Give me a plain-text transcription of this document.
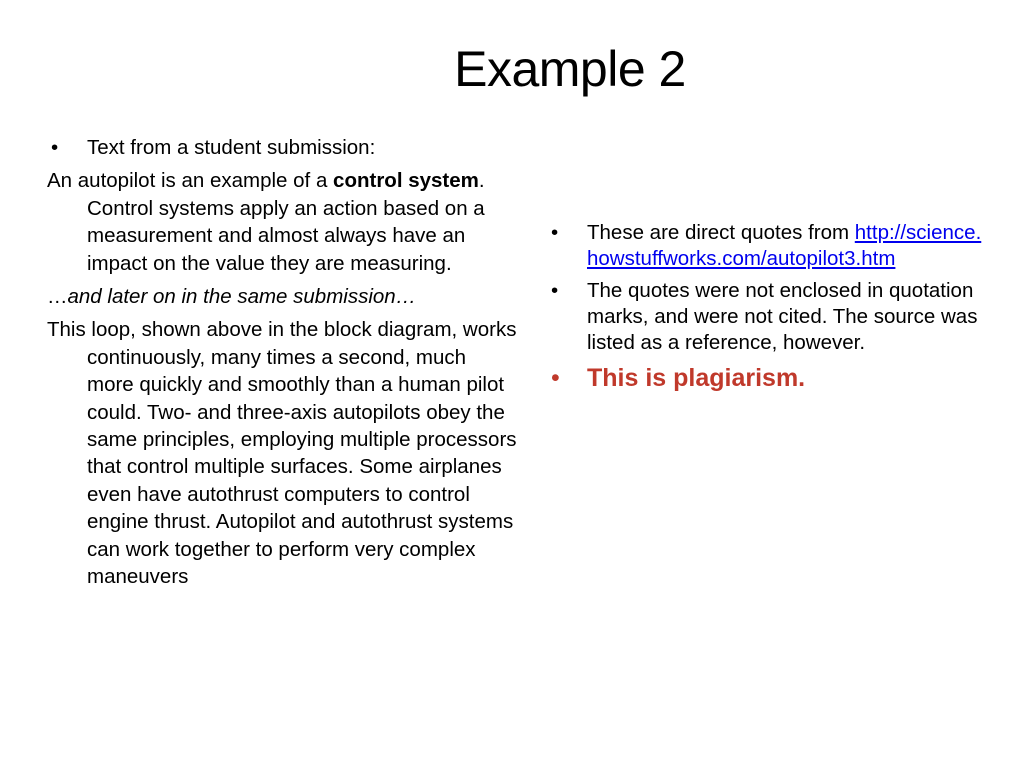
Example 2
•	Text from a student submission:

An autopilot is an example of a control system. Control systems apply an action based on a measurement and almost always have an impact on the value they are measuring.

…and later on in the same submission…

This loop, shown above in the block diagram, works continuously, many times a second, much more quickly and smoothly than a human pilot could. Two- and three-axis autopilots obey the same principles, employing multiple processors that control multiple surfaces. Some airplanes even have autothrust computers to control engine thrust. Autopilot and autothrust systems can work together to perform very complex maneuvers

•	These are direct quotes from http://science.howstuffworks.com/autopilot3.htm
•	The quotes were not enclosed in quotation marks, and were not cited. The source was listed as a reference, however.
•	This is plagiarism.
